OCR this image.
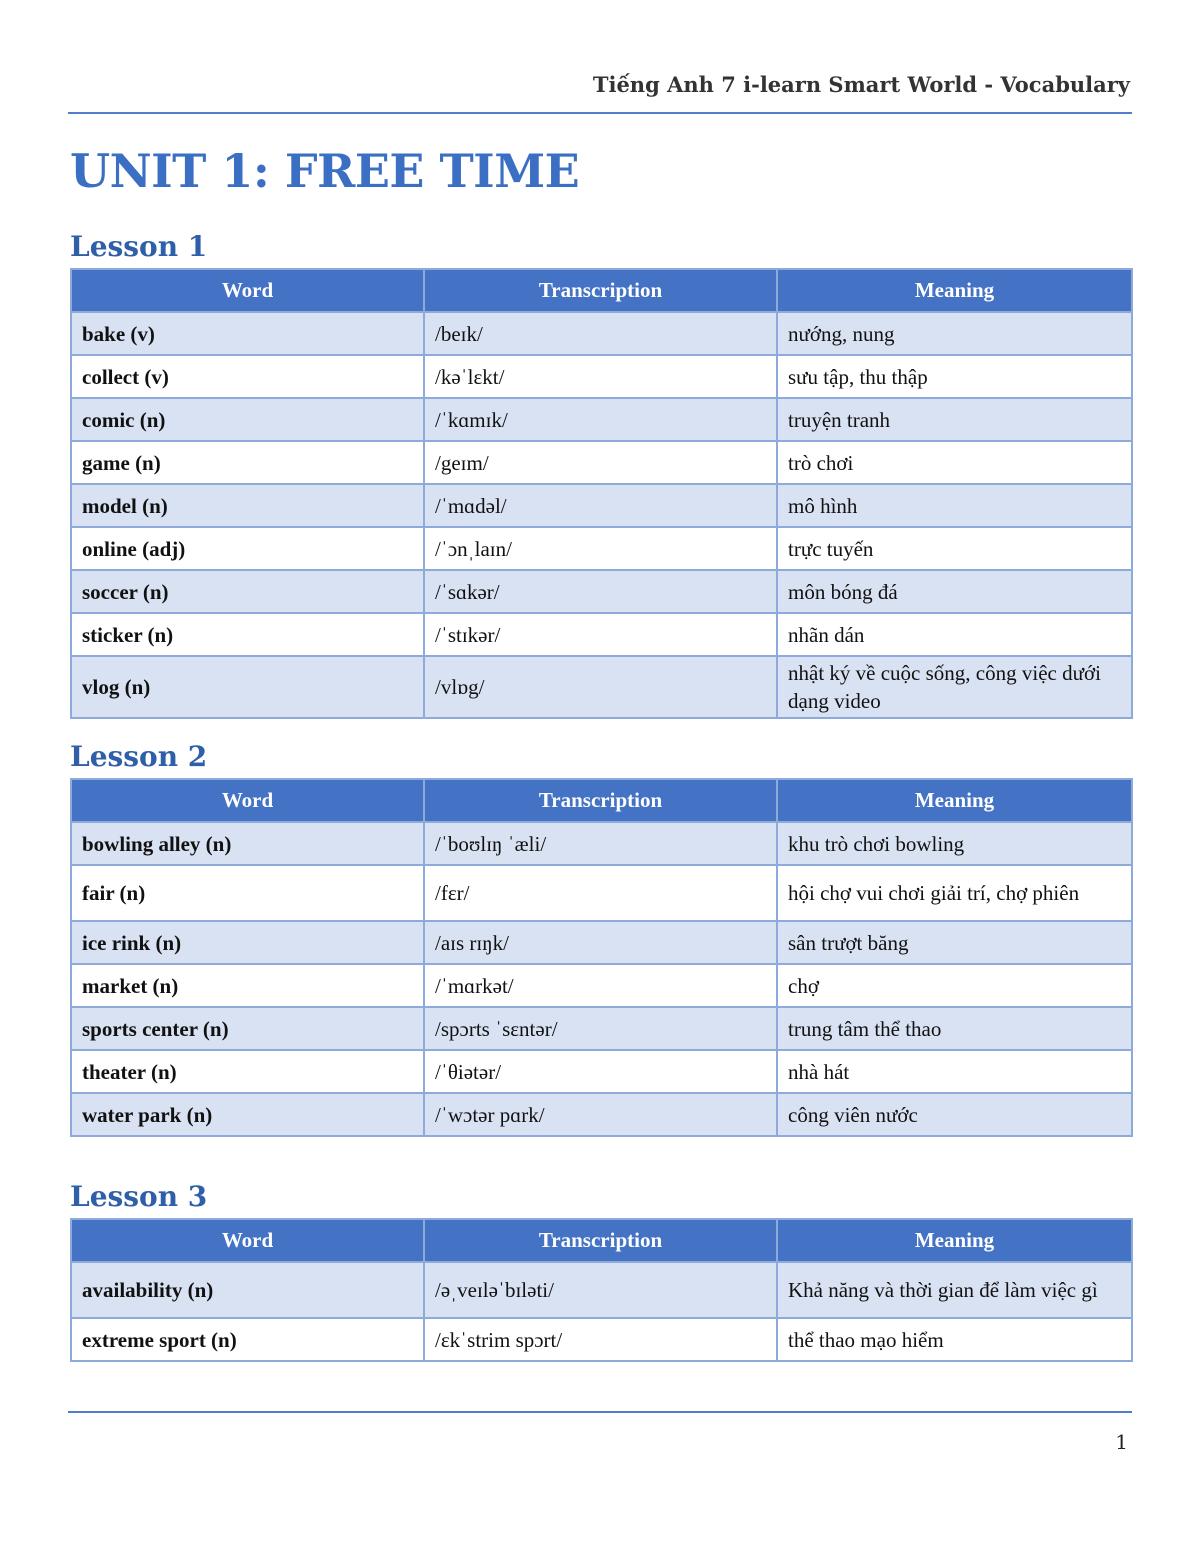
Tiếng Anh 7 i-learn Smart World - Vocabulary
UNIT 1: FREE TIME
Lesson 1
Word	Transcription	Meaning
bake (v)	/beɪk/	nướng, nung
collect (v)	/kəˈlɛkt/	sưu tập, thu thập
comic (n)	/ˈkɑmɪk/	truyện tranh
game (n)	/geɪm/	trò chơi
model (n)	/ˈmɑdəl/	mô hình
online (adj)	/ˈɔnˌlaɪn/	trực tuyến
soccer (n)	/ˈsɑkər/	môn bóng đá
sticker (n)	/ˈstɪkər/	nhãn dán
vlog (n)	/vlɒg/	nhật ký về cuộc sống, công việc dưới dạng video
Lesson 2
Word	Transcription	Meaning
bowling alley (n)	/ˈboʊlɪŋ ˈæli/	khu trò chơi bowling
fair (n)	/fɛr/	hội chợ vui chơi giải trí, chợ phiên
ice rink (n)	/aɪs rɪŋk/	sân trượt băng
market (n)	/ˈmɑrkət/	chợ
sports center (n)	/spɔrts ˈsɛntər/	trung tâm thể thao
theater (n)	/ˈθiətər/	nhà hát
water park (n)	/ˈwɔtər pɑrk/	công viên nước
Lesson 3
Word	Transcription	Meaning
availability (n)	/əˌveɪləˈbɪləti/	Khả năng và thời gian để làm việc gì
extreme sport (n)	/ɛkˈstrim spɔrt/	thể thao mạo hiểm
1
